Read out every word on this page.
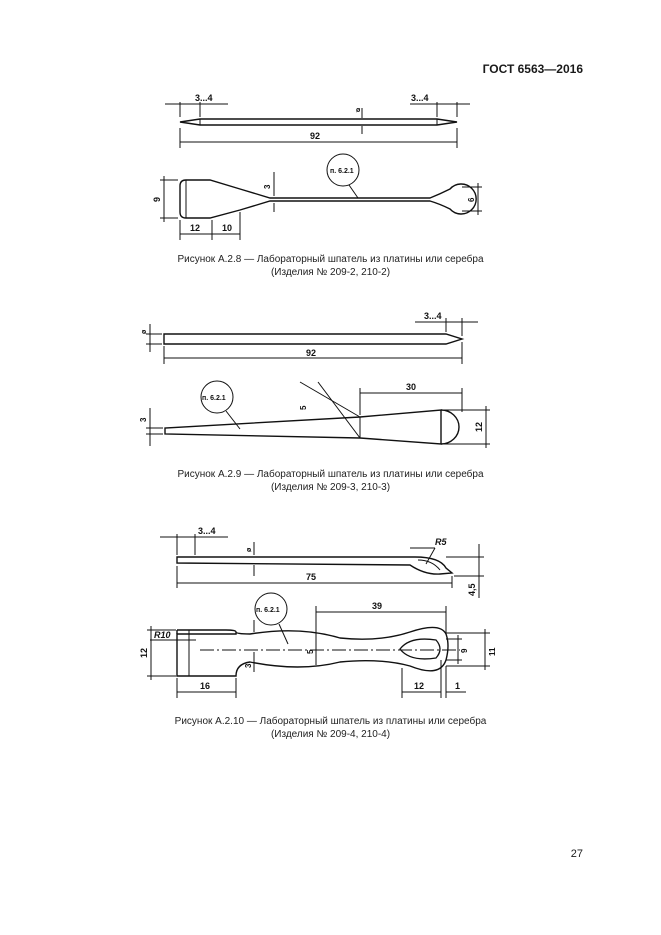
ГОСТ 6563—2016
3...4	3...4
ø
92
п. 6.2.1
3
9	6
12 10
Рисунок А.2.8 — Лабораторный шпатель из платины или серебра
(Изделия № 209-2, 210-2)
ø
3...4
92
п. 6.2.1
3
5
30
12
Рисунок А.2.9 — Лабораторный шпатель из платины или серебра
(Изделия № 209-3, 210-3)
3...4
ø
R5
75
4,5
п. 6.2.1	39
R10
12
3
5	9 11
16	12	1
Рисунок А.2.10 — Лабораторный шпатель из платины или серебра
(Изделия № 209-4, 210-4)
27
